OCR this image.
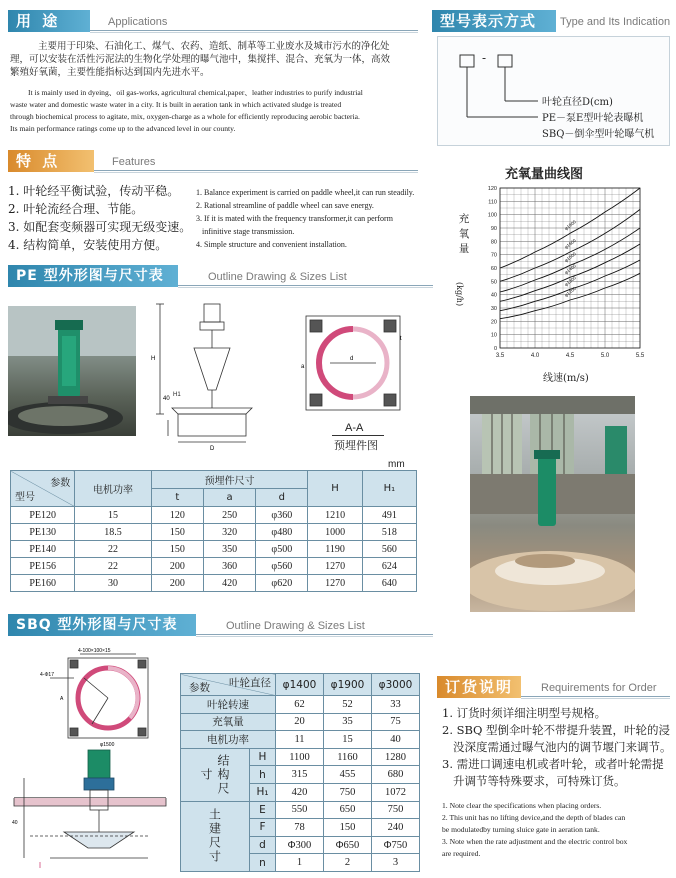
用 途	Applications
主要用于印染、石油化工、煤气、农药、造纸、制革等工业废水及城市污水的净化处
理，可以安装在活性污泥法的生物化学处理的曝气池中，集搅拌、混合、充氧为一体，高效
繁殖好氧菌，主要性能指标达到国内先进水平。
It is mainly used in dyeing、oil gas-works, agricultural chemical,paper、leather industries to purify industrial
waste water and domestic waste water in a city. It is built in aeration tank in which activated sludge is treated
through biochemical process to agitate, mix, oxygen-charge as a whole for efficiently reproducing aerobic bacteria.
Its main performance ratings come up to the advanced level in our county.
型号表示方式	Type and Its Indication
-
叶轮直径D(cm)
PE－泵E型叶轮表曝机
SBQ－倒伞型叶轮曝气机
特 点	Features
1. 叶轮经平衡试验，传动平稳。
2. 叶轮流经合理、节能。
3. 如配套变频器可实现无级变速。
4. 结构简单，安装使用方便。
1. Balance experiment is carried on paddle wheel,it can run steadily.
2. Rational streamline of paddle wheel can save energy.
3. If it is mated with the frequency transformer,it can perform
infinitive stage transmission.
4. Simple structure and convenient installation.
充氧量曲线图
充氧量
(kg/h)
0
10
20
30
40
50
60
70
80
90
100
110
120
3.5	4.0	4.5	5.0	5.5
φ1900
φ1600
φ1500
φ1400
φ1300
φ1200
线速(m/s)
PE 型外形图与尺寸表	Outline Drawing & Sizes List
H
40
D
d
a
t
A-A
预埋件图
mm
H1
参数
型号	电机功率	预埋件尺寸			H	H₁
		t	a	d		
PE120	15	120	250	φ360	1210	491
PE130	18.5	150	320	φ480	1000	518
PE140	22	150	350	φ500	1190	560
PE156	22	200	360	φ560	1270	624
PE160	30	200	420	φ620	1270	640
SBQ 型外形图与尺寸表	Outline Drawing & Sizes List
4-100×100×15
4-Φ17
A
φ1500
40
叶轮直径
参数		φ1400	φ1900	φ3000
叶轮转速		62	52	33
充氧量		20	35	75
电机功率		11	15	40
结构尺寸	H	1100	1160	1280
	h	315	455	680
	H₁	420	750	1072
土建尺寸	E	550	650	750
	F	78	150	240
	d	Φ300	Φ650	Φ750
	n	1	2	3
订货说明	Requirements for Order
1. 订货时须详细注明型号规格。
2. SBQ 型倒伞叶轮不带提升装置，叶轮的浸
没深度需通过曝气池内的调节堰门来调节。
3. 需进口调速电机或者叶轮，或者叶轮需提
升调节等特殊要求，可特殊订货。
1. Note clear the specifications when placing orders.
2. This unit has no lifting device,and the depth of blades can
be modulatedby turning sluice gate in aeration tank.
3. Note when the rate adjustment and the electric control box
are required.
